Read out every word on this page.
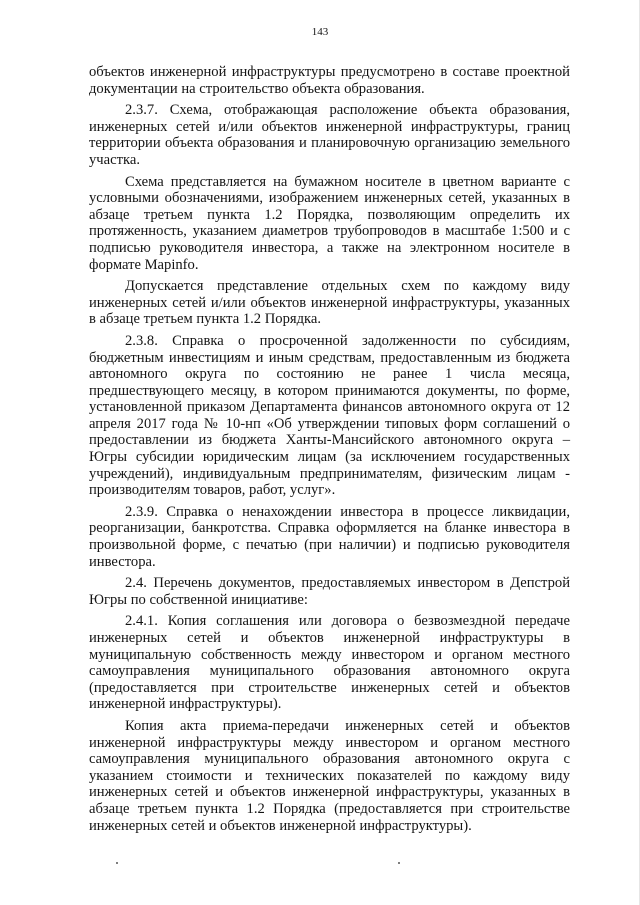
143

объектов инженерной инфраструктуры предусмотрено в составе проектной документации на строительство объекта образования.

2.3.7. Схема, отображающая расположение объекта образования, инженерных сетей и/или объектов инженерной инфраструктуры, границ территории объекта образования и планировочную организацию земельного участка.

Схема представляется на бумажном носителе в цветном варианте с условными обозначениями, изображением инженерных сетей, указанных в абзаце третьем пункта 1.2 Порядка, позволяющим определить их протяженность, указанием диаметров трубопроводов в масштабе 1:500 и с подписью руководителя инвестора, а также на электронном носителе в формате Mapinfo.

Допускается представление отдельных схем по каждому виду инженерных сетей и/или объектов инженерной инфраструктуры, указанных в абзаце третьем пункта 1.2 Порядка.

2.3.8. Справка о просроченной задолженности по субсидиям, бюджетным инвестициям и иным средствам, предоставленным из бюджета автономного округа по состоянию не ранее 1 числа месяца, предшествующего месяцу, в котором принимаются документы, по форме, установленной приказом Департамента финансов автономного округа от 12 апреля 2017 года № 10-нп «Об утверждении типовых форм соглашений о предоставлении из бюджета Ханты-Мансийского автономного округа – Югры субсидии юридическим лицам (за исключением государственных учреждений), индивидуальным предпринимателям, физическим лицам - производителям товаров, работ, услуг».

2.3.9. Справка о ненахождении инвестора в процессе ликвидации, реорганизации, банкротства. Справка оформляется на бланке инвестора в произвольной форме, с печатью (при наличии) и подписью руководителя инвестора.

2.4. Перечень документов, предоставляемых инвестором в Депстрой Югры по собственной инициативе:

2.4.1. Копия соглашения или договора о безвозмездной передаче инженерных сетей и объектов инженерной инфраструктуры в муниципальную собственность между инвестором и органом местного самоуправления муниципального образования автономного округа (предоставляется при строительстве инженерных сетей и объектов инженерной инфраструктуры).

Копия акта приема-передачи инженерных сетей и объектов инженерной инфраструктуры между инвестором и органом местного самоуправления муниципального образования автономного округа с указанием стоимости и технических показателей по каждому виду инженерных сетей и объектов инженерной инфраструктуры, указанных в абзаце третьем пункта 1.2 Порядка (предоставляется при строительстве инженерных сетей и объектов инженерной инфраструктуры).
